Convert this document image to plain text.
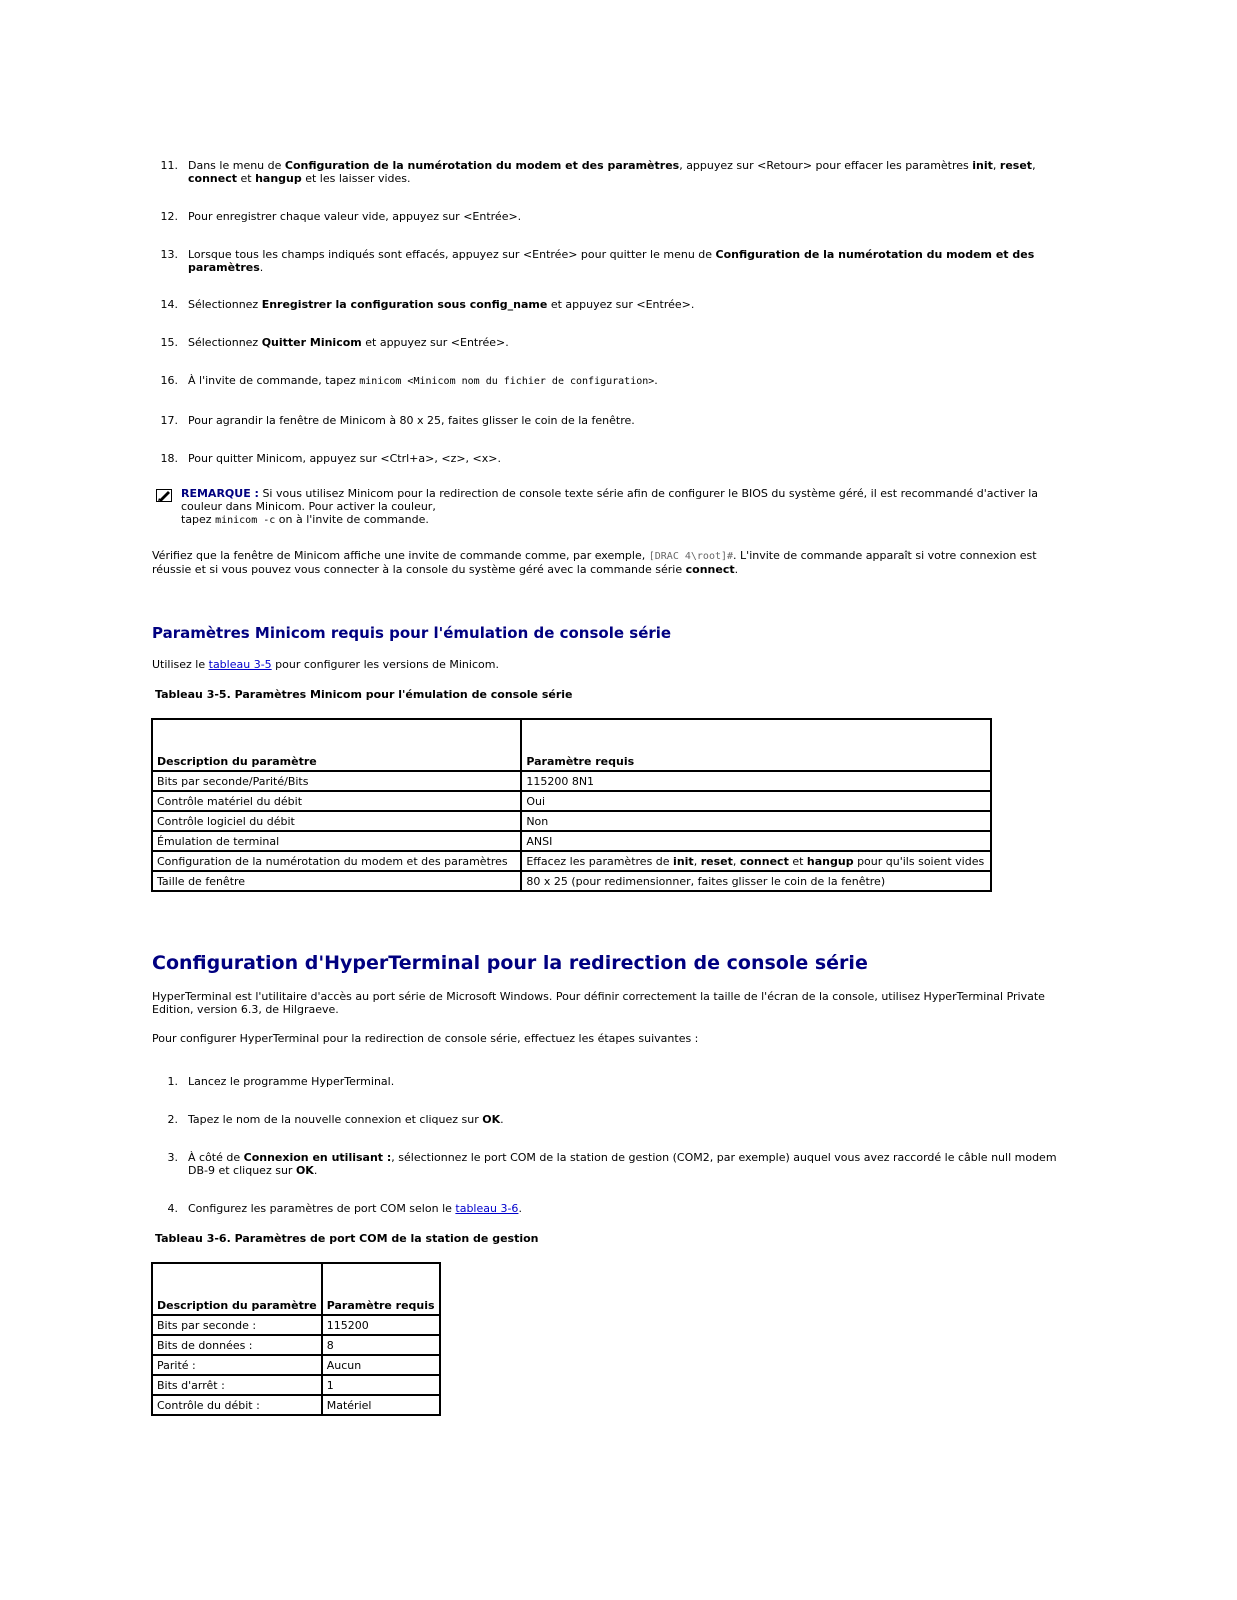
11. Dans le menu de Configuration de la numérotation du modem et des paramètres, appuyez sur <Retour> pour effacer les paramètres init, reset, connect et hangup et les laisser vides.
12. Pour enregistrer chaque valeur vide, appuyez sur <Entrée>.
13. Lorsque tous les champs indiqués sont effacés, appuyez sur <Entrée> pour quitter le menu de Configuration de la numérotation du modem et des paramètres.
14. Sélectionnez Enregistrer la configuration sous config_name et appuyez sur <Entrée>.
15. Sélectionnez Quitter Minicom et appuyez sur <Entrée>.
16. À l'invite de commande, tapez minicom <Minicom nom du fichier de configuration>.
17. Pour agrandir la fenêtre de Minicom à 80 x 25, faites glisser le coin de la fenêtre.
18. Pour quitter Minicom, appuyez sur <Ctrl+a>, <z>, <x>.
REMARQUE : Si vous utilisez Minicom pour la redirection de console texte série afin de configurer le BIOS du système géré, il est recommandé d'activer la couleur dans Minicom. Pour activer la couleur,
tapez minicom -c on à l'invite de commande.
Vérifiez que la fenêtre de Minicom affiche une invite de commande comme, par exemple, [DRAC 4\root]#. L'invite de commande apparaît si votre connexion est réussie et si vous pouvez vous connecter à la console du système géré avec la commande série connect.
Paramètres Minicom requis pour l'émulation de console série
Utilisez le tableau 3-5 pour configurer les versions de Minicom.
Tableau 3-5. Paramètres Minicom pour l'émulation de console série
Description du paramètre	Paramètre requis
Bits par seconde/Parité/Bits	115200 8N1
Contrôle matériel du débit	Oui
Contrôle logiciel du débit	Non
Émulation de terminal	ANSI
Configuration de la numérotation du modem et des paramètres	Effacez les paramètres de init, reset, connect et hangup pour qu'ils soient vides
Taille de fenêtre	80 x 25 (pour redimensionner, faites glisser le coin de la fenêtre)
Configuration d'HyperTerminal pour la redirection de console série
HyperTerminal est l'utilitaire d'accès au port série de Microsoft Windows. Pour définir correctement la taille de l'écran de la console, utilisez HyperTerminal Private Edition, version 6.3, de Hilgraeve.
Pour configurer HyperTerminal pour la redirection de console série, effectuez les étapes suivantes :
1. Lancez le programme HyperTerminal.
2. Tapez le nom de la nouvelle connexion et cliquez sur OK.
3. À côté de Connexion en utilisant :, sélectionnez le port COM de la station de gestion (COM2, par exemple) auquel vous avez raccordé le câble null modem DB-9 et cliquez sur OK.
4. Configurez les paramètres de port COM selon le tableau 3-6.
Tableau 3-6. Paramètres de port COM de la station de gestion
Description du paramètre	Paramètre requis
Bits par seconde :	115200
Bits de données :	8
Parité :	Aucun
Bits d'arrêt :	1
Contrôle du débit :	Matériel
